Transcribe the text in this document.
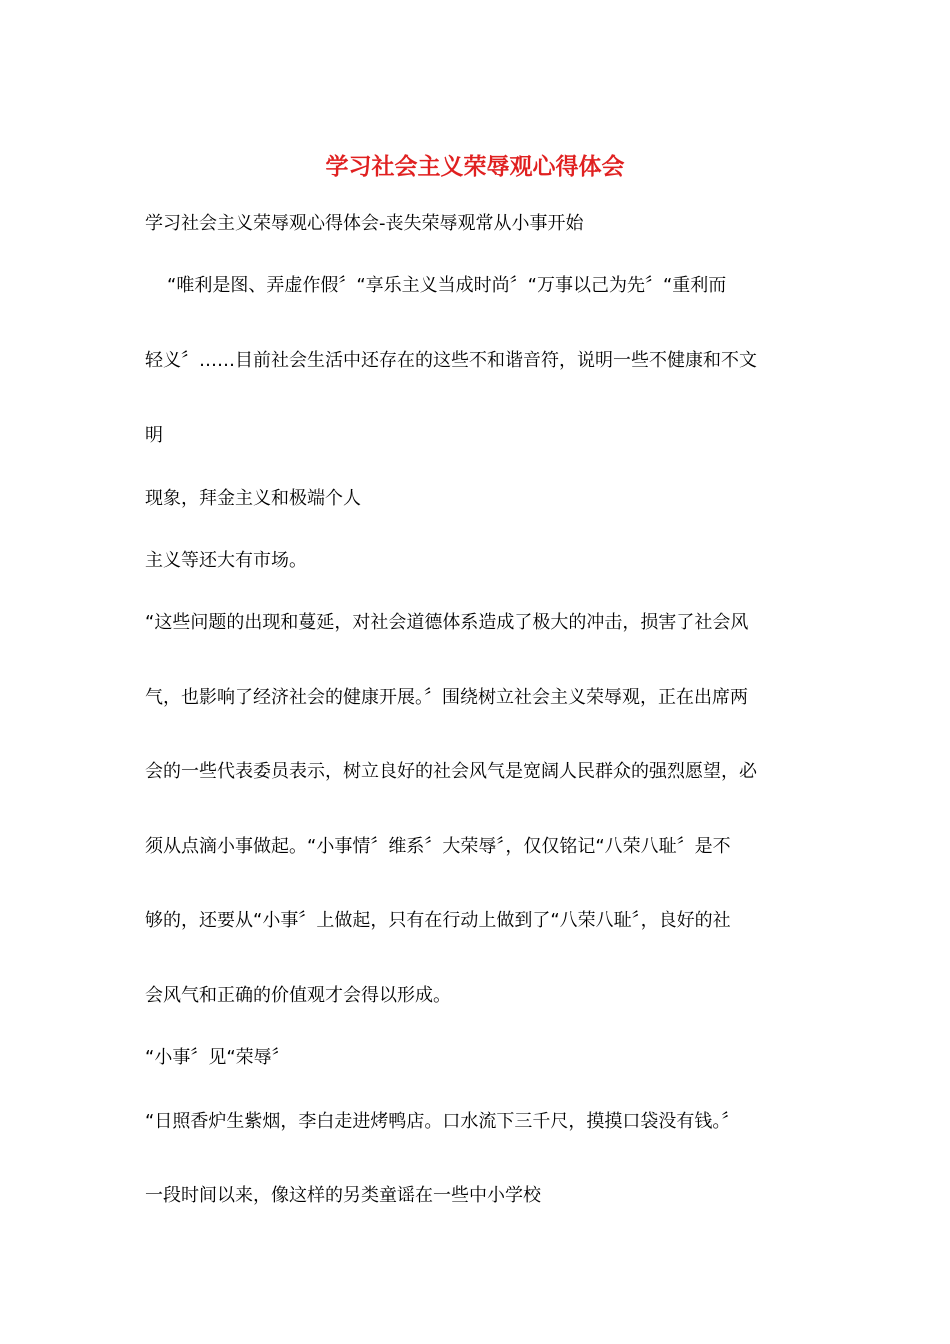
学习社会主义荣辱观心得体会
学习社会主义荣辱观心得体会-丧失荣辱观常从小事开始
“唯利是图、弄虚作假〞“享乐主义当成时尚〞“万事以己为先〞“重利而
轻义〞……目前社会生活中还存在的这些不和谐音符，说明一些不健康和不文
明
现象，拜金主义和极端个人
主义等还大有市场。
“这些问题的出现和蔓延，对社会道德体系造成了极大的冲击，损害了社会风
气，也影响了经济社会的健康开展。〞围绕树立社会主义荣辱观，正在出席两
会的一些代表委员表示，树立良好的社会风气是宽阔人民群众的强烈愿望，必
须从点滴小事做起。“小事情〞维系〞大荣辱〞，仅仅铭记“八荣八耻〞是不
够的，还要从“小事〞上做起，只有在行动上做到了“八荣八耻〞，良好的社
会风气和正确的价值观才会得以形成。
“小事〞见“荣辱〞
“日照香炉生紫烟，李白走进烤鸭店。口水流下三千尺，摸摸口袋没有钱。〞
一段时间以来，像这样的另类童谣在一些中小学校
